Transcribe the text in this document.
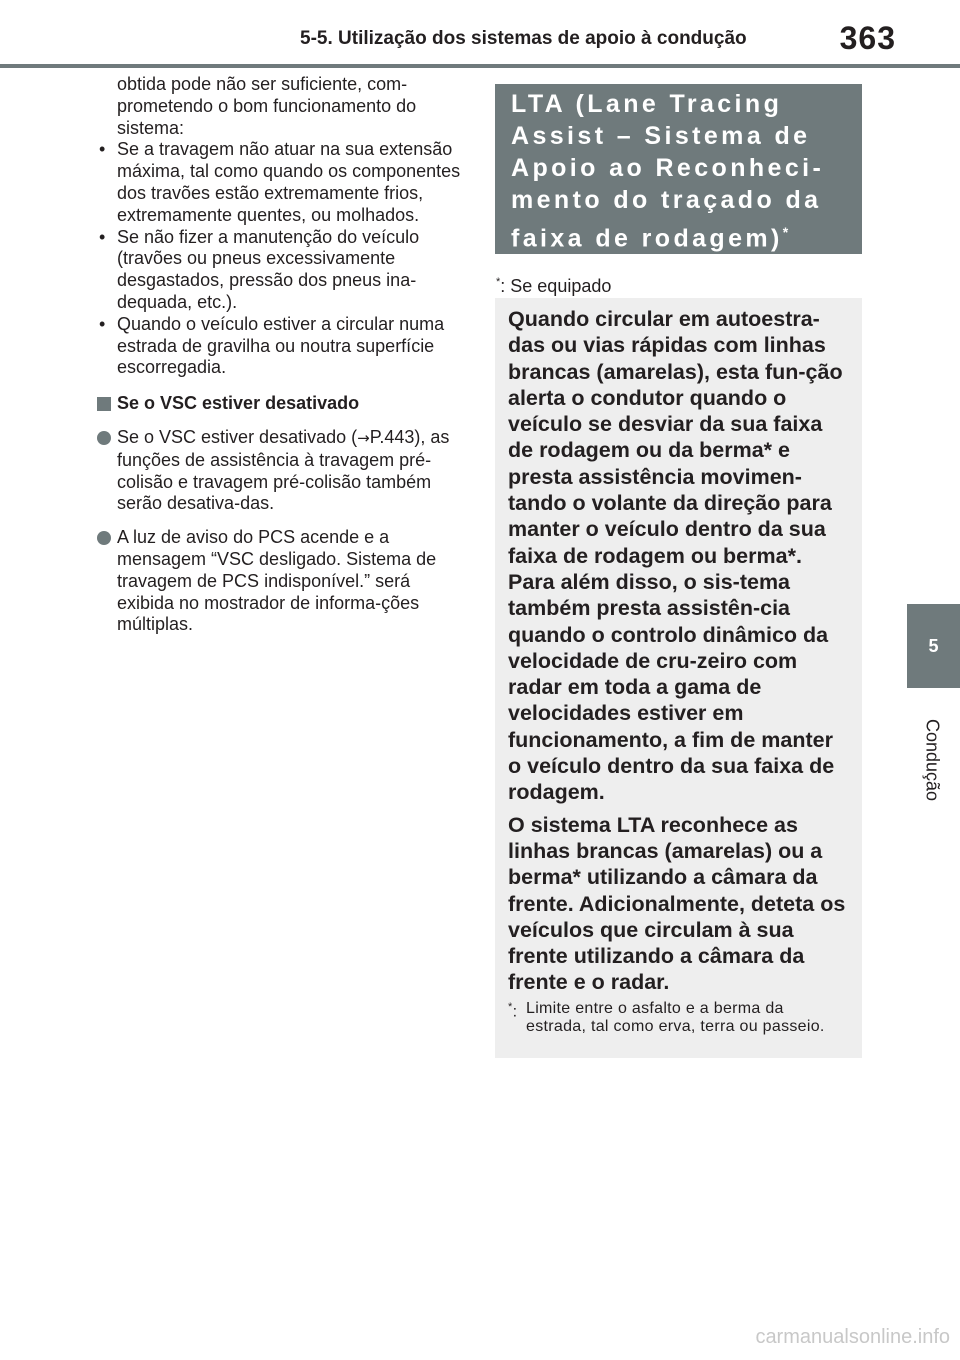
5-5. Utilização dos sistemas de apoio à condução	363
5
Condução

obtida pode não ser suficiente, com-prometendo o bom funcionamento do sistema:

• Se a travagem não atuar na sua extensão máxima, tal como quando os componentes dos travões estão extremamente frios, extremamente quentes, ou molhados.

• Se não fizer a manutenção do veículo (travões ou pneus excessivamente desgastados, pressão dos pneus ina-dequada, etc.).

• Quando o veículo estiver a circular numa estrada de gravilha ou noutra superfície escorregadia.

Se o VSC estiver desativado
Se o VSC estiver desativado (→P.443), as funções de assistência à travagem pré-colisão e travagem pré-colisão também serão desativa-das.
A luz de aviso do PCS acende e a mensagem “VSC desligado. Sistema de travagem de PCS indisponível.” será exibida no mostrador de informa-ções múltiplas.
LTA (Lane Tracing
Assist – Sistema de
Apoio ao Reconheci-
mento do traçado da
faixa de rodagem)*
*: Se equipado

Quando circular em autoestra-das ou vias rápidas com linhas brancas (amarelas), esta fun-ção alerta o condutor quando o veículo se desviar da sua faixa de rodagem ou da berma* e presta assistência movimen-tando o volante da direção para manter o veículo dentro da sua faixa de rodagem ou berma*. Para além disso, o sis-tema também presta assistên-cia quando o controlo dinâmico da velocidade de cru-zeiro com radar em toda a gama de velocidades estiver em funcionamento, a fim de manter o veículo dentro da sua faixa de rodagem.

O sistema LTA reconhece as linhas brancas (amarelas) ou a berma* utilizando a câmara da frente. Adicionalmente, deteta os veículos que circulam à sua frente utilizando a câmara da frente e o radar.

*: Limite entre o asfalto e a berma da estrada, tal como erva, terra ou passeio.
carmanualsonline.info
